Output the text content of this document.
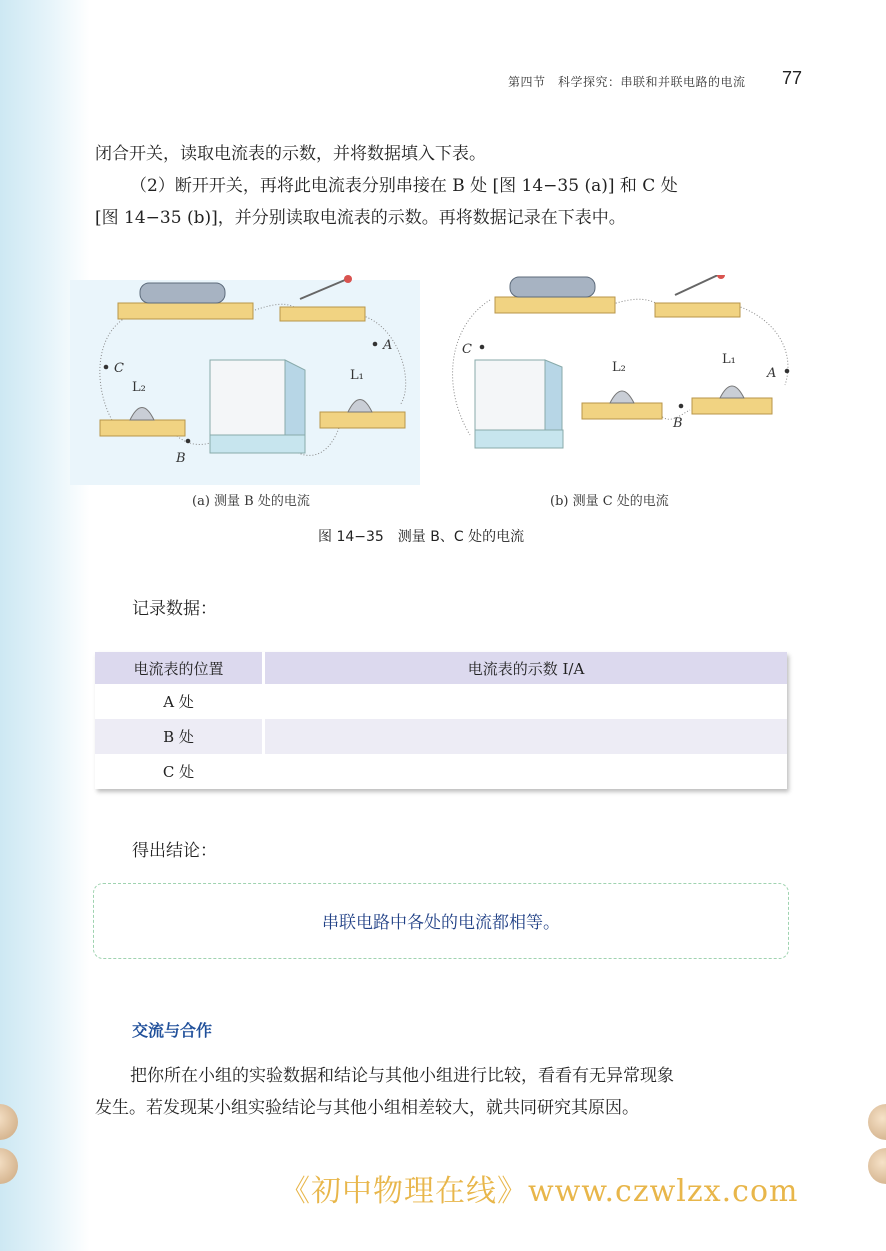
第四节　科学探究：串联和并联电路的电流 77
闭合开关，读取电流表的示数，并将数据填入下表。
（2）断开开关，再将此电流表分别串接在 B 处 [图 14−35 (a)] 和 C 处
[图 14−35 (b)]，并分别读取电流表的示数。再将数据记录在下表中。
C
B
A
L₂
L₁
C
B
A
L₂
L₁
(a) 测量 B 处的电流	(b) 测量 C 处的电流
图 14−35　测量 B、C 处的电流
记录数据：
电流表的位置	电流表的示数 I/A
A 处	
B 处	
C 处	
得出结论：
串联电路中各处的电流都相等。
交流与合作
把你所在小组的实验数据和结论与其他小组进行比较，看看有无异常现象
发生。若发现某小组实验结论与其他小组相差较大，就共同研究其原因。
《初中物理在线》www.czwlzx.com
